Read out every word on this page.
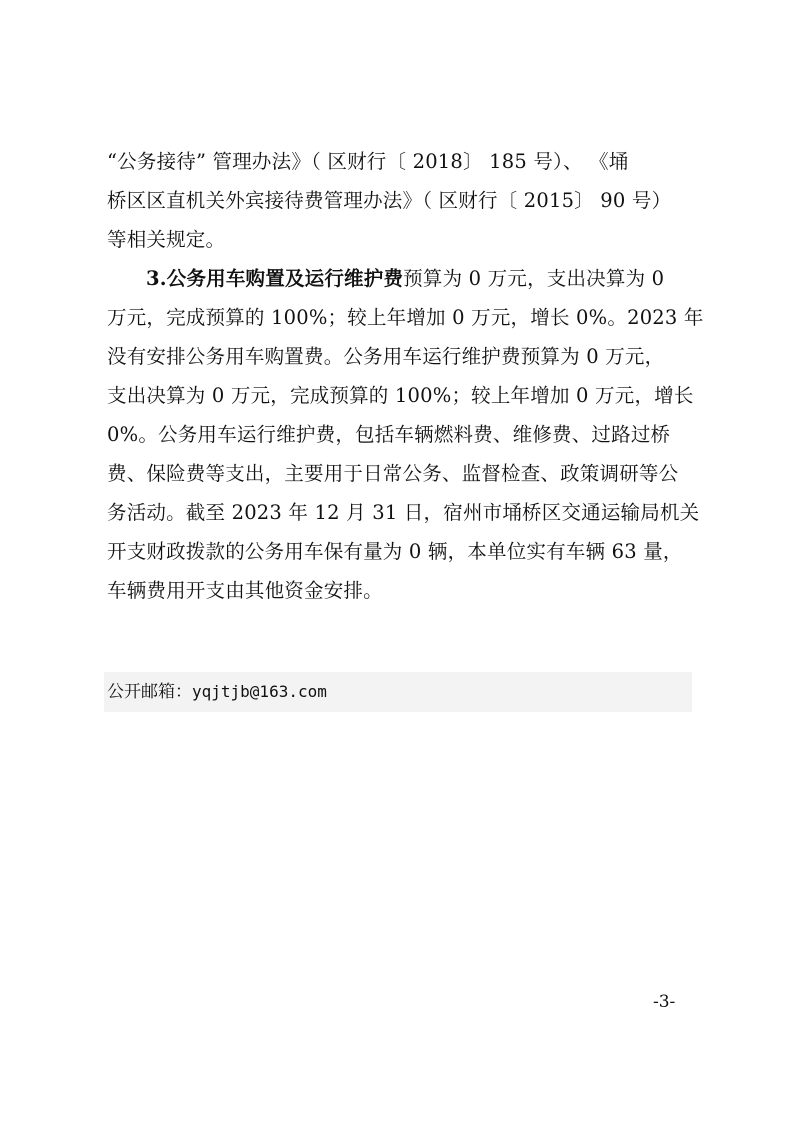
“公务接待” 管理办法》（ 区财行〔 2018〕 185 号）、 《埇
桥区区直机关外宾接待费管理办法》（ 区财行〔 2015〕 90 号）
等相关规定。
3.公务用车购置及运行维护费预算为 0 万元，支出决算为 0
万元，完成预算的 100%；较上年增加 0 万元，增长 0%。2023 年
没有安排公务用车购置费。公务用车运行维护费预算为 0 万元，
支出决算为 0 万元，完成预算的 100%；较上年增加 0 万元，增长
0%。公务用车运行维护费，包括车辆燃料费、维修费、过路过桥
费、保险费等支出，主要用于日常公务、监督检查、政策调研等公
务活动。截至 2023 年 12 月 31 日，宿州市埇桥区交通运输局机关
开支财政拨款的公务用车保有量为 0 辆，本单位实有车辆 63 量，
车辆费用开支由其他资金安排。
公开邮箱：yqjtjb@163.com
-3-
